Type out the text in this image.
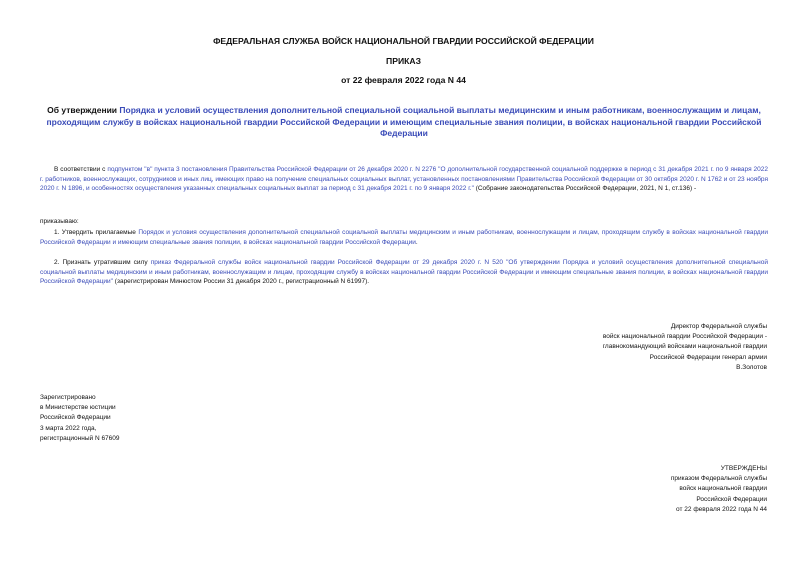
ФЕДЕРАЛЬНАЯ СЛУЖБА ВОЙСК НАЦИОНАЛЬНОЙ ГВАРДИИ РОССИЙСКОЙ ФЕДЕРАЦИИ
ПРИКАЗ
от 22 февраля 2022 года N 44
Об утверждении Порядка и условий осуществления дополнительной специальной социальной выплаты медицинским и иным работникам, военнослужащим и лицам, проходящим службу в войсках национальной гвардии Российской Федерации и имеющим специальные звания полиции, в войсках национальной гвардии Российской Федерации
В соответствии с подпунктом "в" пункта 3 постановления Правительства Российской Федерации от 26 декабря 2020 г. N 2276 "О дополнительной государственной социальной поддержке в период с 31 декабря 2021 г. по 9 января 2022 г. работников, военнослужащих, сотрудников и иных лиц, имеющих право на получение специальных социальных выплат, установленных постановлениями Правительства Российской Федерации от 30 октября 2020 г. N 1762 и от 23 ноября 2020 г. N 1896, и особенностях осуществления указанных специальных социальных выплат за период с 31 декабря 2021 г. по 9 января 2022 г." (Собрание законодательства Российской Федерации, 2021, N 1, ст.136) -
приказываю:
1. Утвердить прилагаемые Порядок и условия осуществления дополнительной специальной социальной выплаты медицинским и иным работникам, военнослужащим и лицам, проходящим службу в войсках национальной гвардии Российской Федерации и имеющим специальные звания полиции, в войсках национальной гвардии Российской Федерации.
2. Признать утратившим силу приказ Федеральной службы войск национальной гвардии Российской Федерации от 29 декабря 2020 г. N 520 "Об утверждении Порядка и условий осуществления дополнительной специальной социальной выплаты медицинским и иным работникам, военнослужащим и лицам, проходящим службу в войсках национальной гвардии Российской Федерации и имеющим специальные звания полиции, в войсках национальной гвардии Российской Федерации" (зарегистрирован Минюстом России 31 декабря 2020 г., регистрационный N 61997).
Директор Федеральной службы
войск национальной гвардии Российской Федерации -
главнокомандующий войсками национальной гвардии
Российской Федерации генерал армии
В.Золотов
Зарегистрировано
в Министерстве юстиции
Российской Федерации
3 марта 2022 года,
регистрационный N 67609
УТВЕРЖДЕНЫ
приказом Федеральной службы
войск национальной гвардии
Российской Федерации
от 22 февраля 2022 года N 44
